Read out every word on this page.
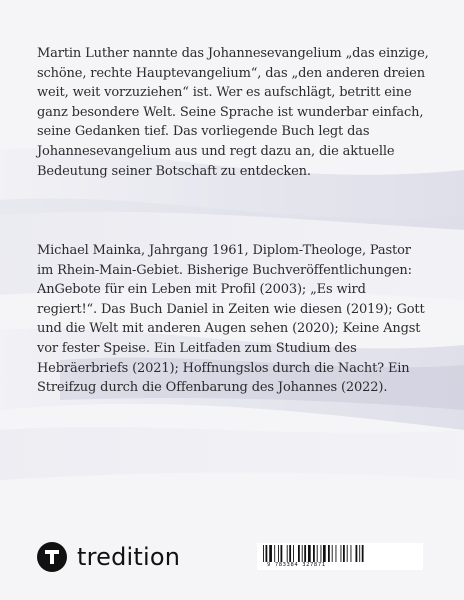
Martin Luther nannte das Johannesevangelium „das einzige, schöne, rechte Hauptevangelium“, das „den anderen dreien weit, weit vorzuziehen“ ist. Wer es aufschlägt, betritt eine ganz besondere Welt. Seine Sprache ist wunderbar einfach, seine Gedanken tief. Das vorliegende Buch legt das Johannesevangelium aus und regt dazu an, die aktuelle Bedeutung seiner Botschaft zu entdecken.
Michael Mainka, Jahrgang 1961, Diplom-Theologe, Pastor im Rhein-Main-Gebiet. Bisherige Buchveröffentlichungen: AnGebote für ein Leben mit Profil (2003); „Es wird regiert!“. Das Buch Daniel in Zeiten wie diesen (2019); Gott und die Welt mit anderen Augen sehen (2020); Keine Angst vor fester Speise. Ein Leitfaden zum Studium des Hebräerbriefs (2021); Hoffnungslos durch die Nacht? Ein Streifzug durch die Offenbarung des Johannes (2022).
tredition	9 783384 327871
